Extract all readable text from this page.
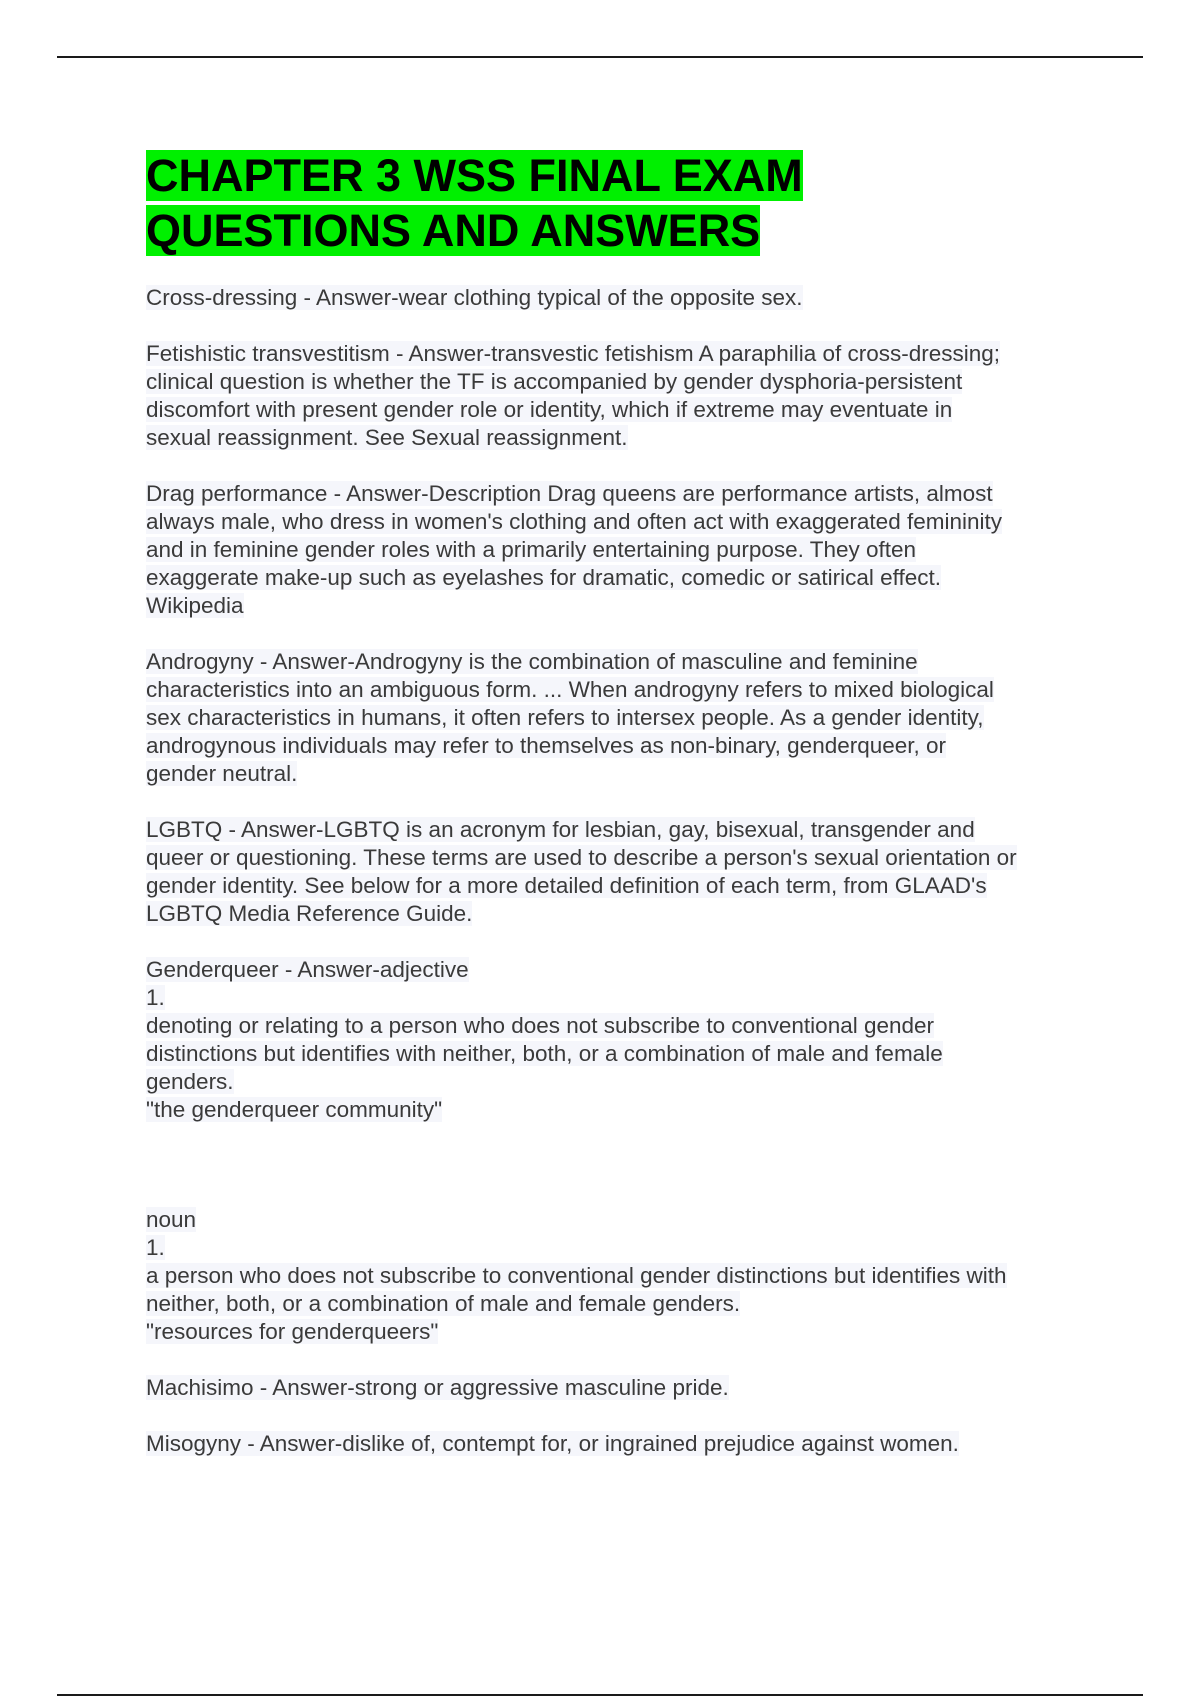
CHAPTER 3 WSS FINAL EXAM
QUESTIONS AND ANSWERS

Cross-dressing - Answer-wear clothing typical of the opposite sex.

Fetishistic transvestitism - Answer-transvestic fetishism A paraphilia of cross-dressing;
clinical question is whether the TF is accompanied by gender dysphoria-persistent
discomfort with present gender role or identity, which if extreme may eventuate in
sexual reassignment. See Sexual reassignment.

Drag performance - Answer-Description Drag queens are performance artists, almost
always male, who dress in women's clothing and often act with exaggerated femininity
and in feminine gender roles with a primarily entertaining purpose. They often
exaggerate make-up such as eyelashes for dramatic, comedic or satirical effect.
Wikipedia

Androgyny - Answer-Androgyny is the combination of masculine and feminine
characteristics into an ambiguous form. ... When androgyny refers to mixed biological
sex characteristics in humans, it often refers to intersex people. As a gender identity,
androgynous individuals may refer to themselves as non-binary, genderqueer, or
gender neutral.

LGBTQ - Answer-LGBTQ is an acronym for lesbian, gay, bisexual, transgender and
queer or questioning. These terms are used to describe a person's sexual orientation or
gender identity. See below for a more detailed definition of each term, from GLAAD's
LGBTQ Media Reference Guide.

Genderqueer - Answer-adjective
1.
denoting or relating to a person who does not subscribe to conventional gender
distinctions but identifies with neither, both, or a combination of male and female
genders.
"the genderqueer community"

noun
1.
a person who does not subscribe to conventional gender distinctions but identifies with
neither, both, or a combination of male and female genders.
"resources for genderqueers"

Machisimo - Answer-strong or aggressive masculine pride.

Misogyny - Answer-dislike of, contempt for, or ingrained prejudice against women.
